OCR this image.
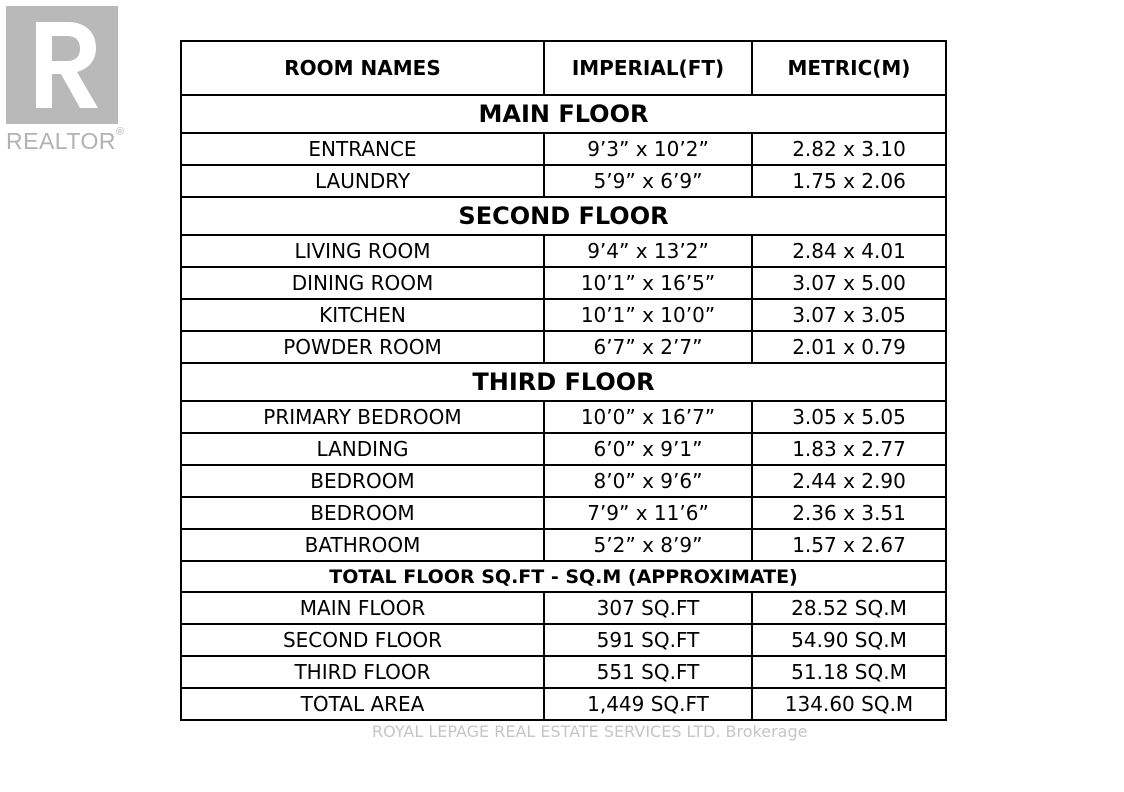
REALTOR®
ROOM NAMES	IMPERIAL(FT)	METRIC(M)
MAIN FLOOR		
ENTRANCE	9’3” x 10’2”	2.82 x 3.10
LAUNDRY	5’9” x 6’9”	1.75 x 2.06
SECOND FLOOR		
LIVING ROOM	9’4” x 13’2”	2.84 x 4.01
DINING ROOM	10’1” x 16’5”	3.07 x 5.00
KITCHEN	10’1” x 10’0”	3.07 x 3.05
POWDER ROOM	6’7” x 2’7”	2.01 x 0.79
THIRD FLOOR		
PRIMARY BEDROOM	10’0” x 16’7”	3.05 x 5.05
LANDING	6’0” x 9’1”	1.83 x 2.77
BEDROOM	8’0” x 9’6”	2.44 x 2.90
BEDROOM	7’9” x 11’6”	2.36 x 3.51
BATHROOM	5’2” x 8’9”	1.57 x 2.67
TOTAL FLOOR SQ.FT - SQ.M (APPROXIMATE)		
MAIN FLOOR	307 SQ.FT	28.52 SQ.M
SECOND FLOOR	591 SQ.FT	54.90 SQ.M
THIRD FLOOR	551 SQ.FT	51.18 SQ.M
TOTAL AREA	1,449 SQ.FT	134.60 SQ.M
ROYAL LEPAGE REAL ESTATE SERVICES LTD. Brokerage
